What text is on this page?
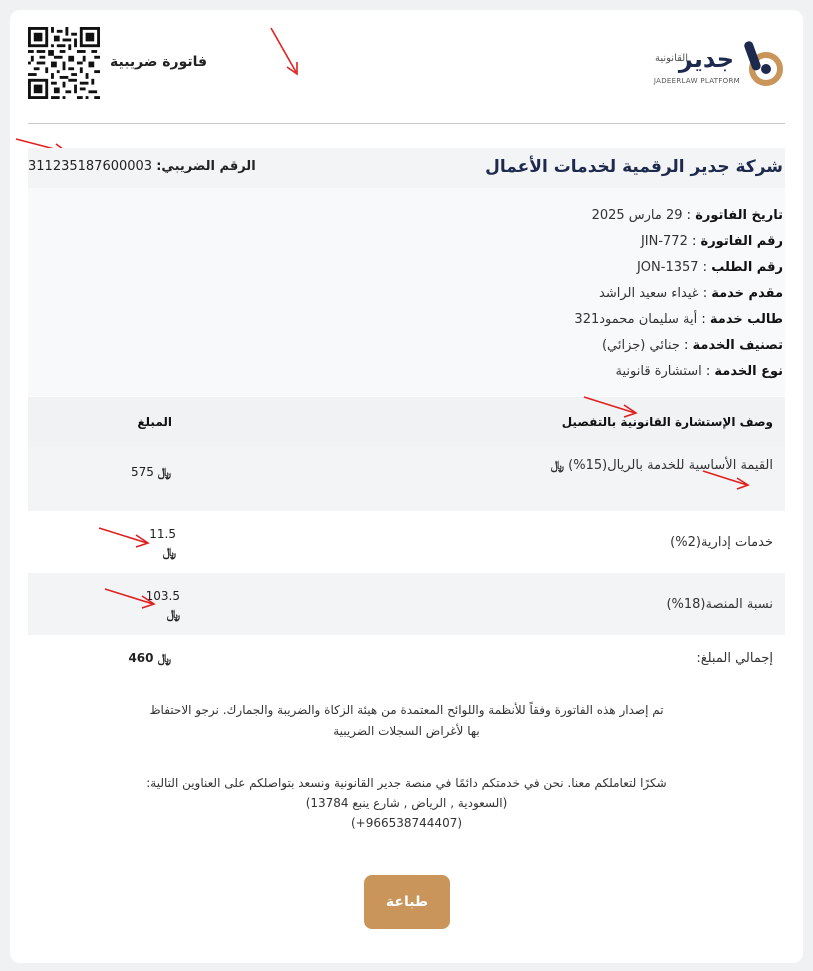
فاتورة ضريبية	جدير
القانونية
JADEERLAW PLATFORM
شركة جدير الرقمية لخدمات الأعمال
الرقم الضريبي: 311235187600003
تاريخ الفاتورة : 29 مارس 2025
رقم الفاتورة : JIN-772
رقم الطلب : JON-1357
مقدم خدمة : غيداء سعيد الراشد
طالب خدمة : أية سليمان محمود321
تصنيف الخدمة : جنائي (جزائي)
نوع الخدمة : استشارة قانونية
وصف الإستشارة القانونية بالتفصيل
المبلغ
القيمة الأساسية للخدمة بالريال(15%) ﷼
575 ﷼
خدمات إدارية(2%)
11.5
﷼
نسبة المنصة(18%)
103.5
﷼
إجمالي المبلغ:
460 ﷼
تم إصدار هذه الفاتورة وفقاً للأنظمة واللوائح المعتمدة من هيئة الزكاة والضريبة والجمارك. نرجو الاحتفاظ
بها لأغراض السجلات الضريبية
شكرًا لتعاملكم معنا. نحن في خدمتكم دائمًا في منصة جدير القانونية ونسعد بتواصلكم على العناوين التالية:
(السعودية , الرياض , شارع ينبع 13784)
(966538744407+)
طباعة
